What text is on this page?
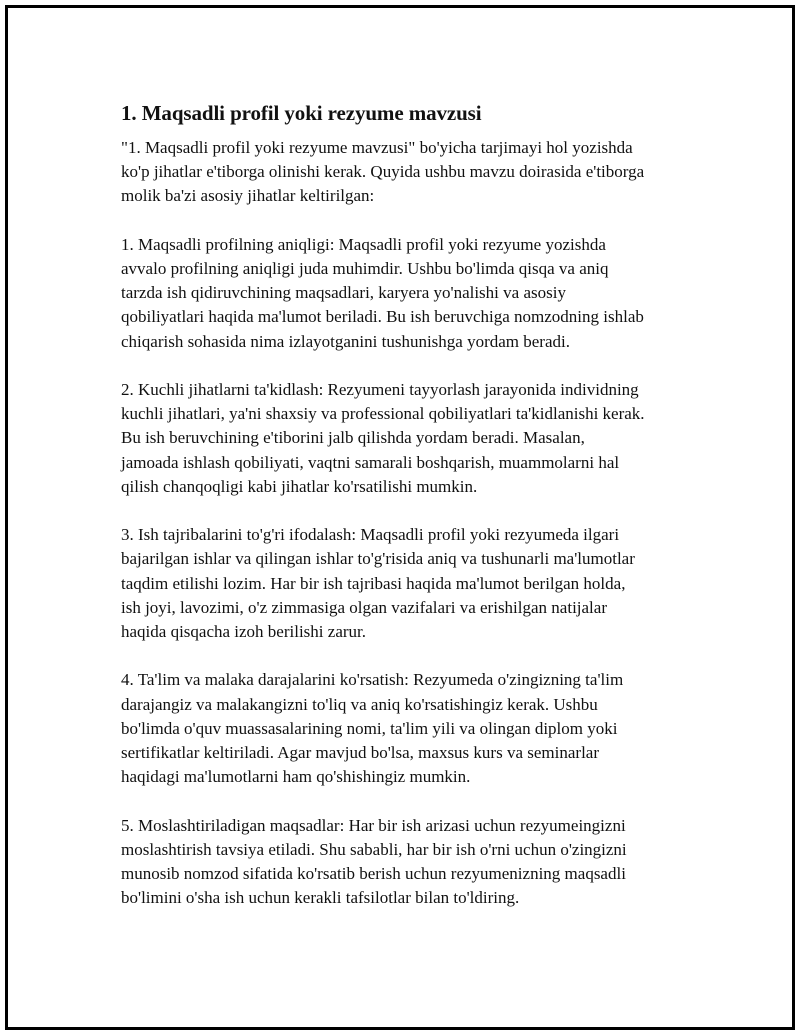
1. Maqsadli profil yoki rezyume mavzusi

"1. Maqsadli profil yoki rezyume mavzusi" bo'yicha tarjimayi hol yozishda
ko'p jihatlar e'tiborga olinishi kerak. Quyida ushbu mavzu doirasida e'tiborga
molik ba'zi asosiy jihatlar keltirilgan:

1. Maqsadli profilning aniqligi: Maqsadli profil yoki rezyume yozishda
avvalo profilning aniqligi juda muhimdir. Ushbu bo'limda qisqa va aniq
tarzda ish qidiruvchining maqsadlari, karyera yo'nalishi va asosiy
qobiliyatlari haqida ma'lumot beriladi. Bu ish beruvchiga nomzodning ishlab
chiqarish sohasida nima izlayotganini tushunishga yordam beradi.

2. Kuchli jihatlarni ta'kidlash: Rezyumeni tayyorlash jarayonida individning
kuchli jihatlari, ya'ni shaxsiy va professional qobiliyatlari ta'kidlanishi kerak.
Bu ish beruvchining e'tiborini jalb qilishda yordam beradi. Masalan,
jamoada ishlash qobiliyati, vaqtni samarali boshqarish, muammolarni hal
qilish chanqoqligi kabi jihatlar ko'rsatilishi mumkin.

3. Ish tajribalarini to'g'ri ifodalash: Maqsadli profil yoki rezyumeda ilgari
bajarilgan ishlar va qilingan ishlar to'g'risida aniq va tushunarli ma'lumotlar
taqdim etilishi lozim. Har bir ish tajribasi haqida ma'lumot berilgan holda,
ish joyi, lavozimi, o'z zimmasiga olgan vazifalari va erishilgan natijalar
haqida qisqacha izoh berilishi zarur.

4. Ta'lim va malaka darajalarini ko'rsatish: Rezyumeda o'zingizning ta'lim
darajangiz va malakangizni to'liq va aniq ko'rsatishingiz kerak. Ushbu
bo'limda o'quv muassasalarining nomi, ta'lim yili va olingan diplom yoki
sertifikatlar keltiriladi. Agar mavjud bo'lsa, maxsus kurs va seminarlar
haqidagi ma'lumotlarni ham qo'shishingiz mumkin.

5. Moslashtiriladigan maqsadlar: Har bir ish arizasi uchun rezyumeingizni
moslashtirish tavsiya etiladi. Shu sababli, har bir ish o'rni uchun o'zingizni
munosib nomzod sifatida ko'rsatib berish uchun rezyumenizning maqsadli
bo'limini o'sha ish uchun kerakli tafsilotlar bilan to'ldiring.
